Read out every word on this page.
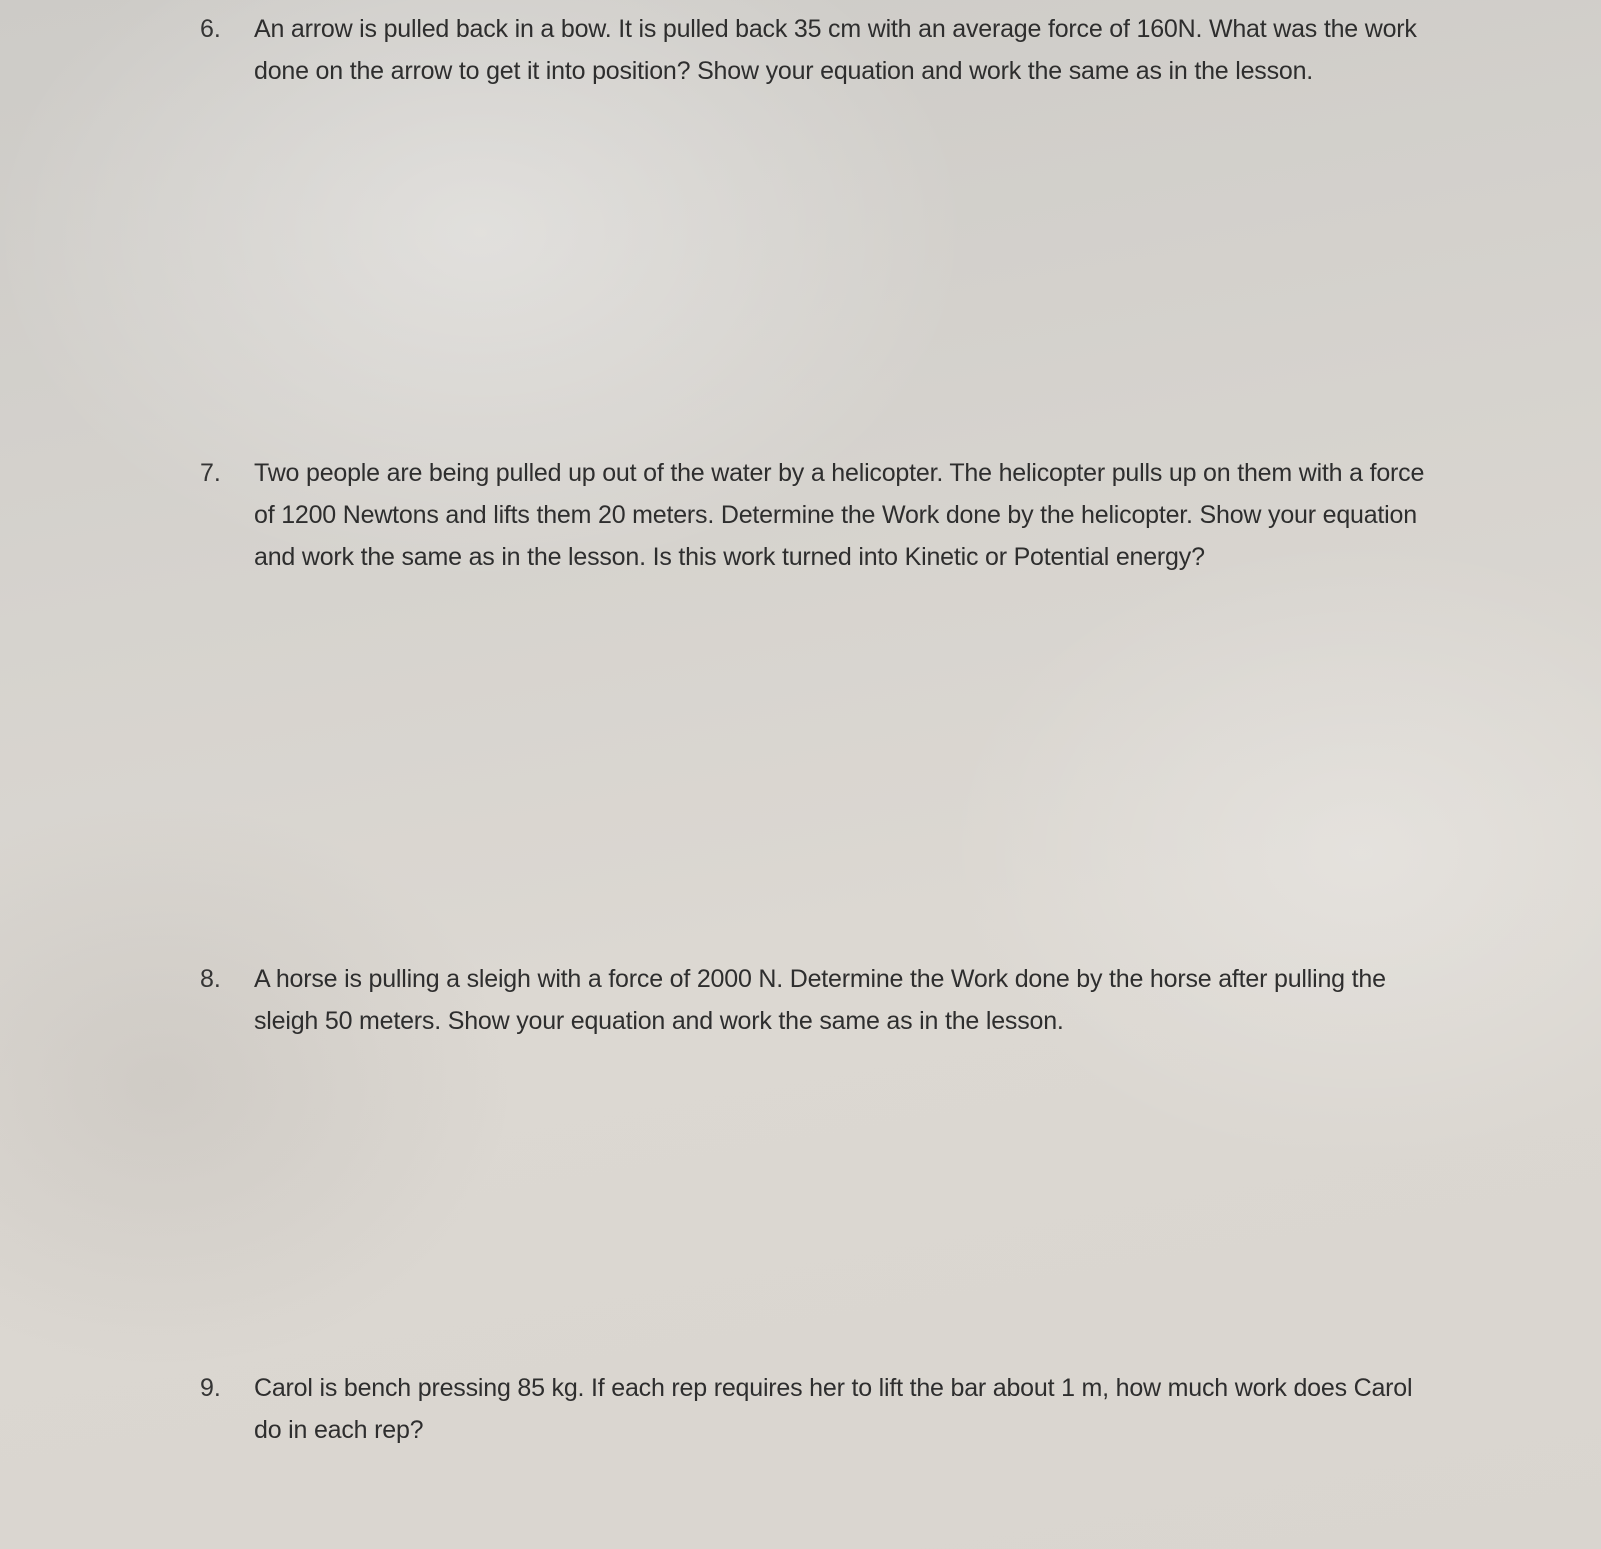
6. An arrow is pulled back in a bow. It is pulled back 35 cm with an average force of 160N. What was the work done on the arrow to get it into position? Show your equation and work the same as in the lesson.
7. Two people are being pulled up out of the water by a helicopter. The helicopter pulls up on them with a force of 1200 Newtons and lifts them 20 meters. Determine the Work done by the helicopter. Show your equation and work the same as in the lesson. Is this work turned into Kinetic or Potential energy?
8. A horse is pulling a sleigh with a force of 2000 N. Determine the Work done by the horse after pulling the sleigh 50 meters. Show your equation and work the same as in the lesson.
9. Carol is bench pressing 85 kg. If each rep requires her to lift the bar about 1 m, how much work does Carol do in each rep?
